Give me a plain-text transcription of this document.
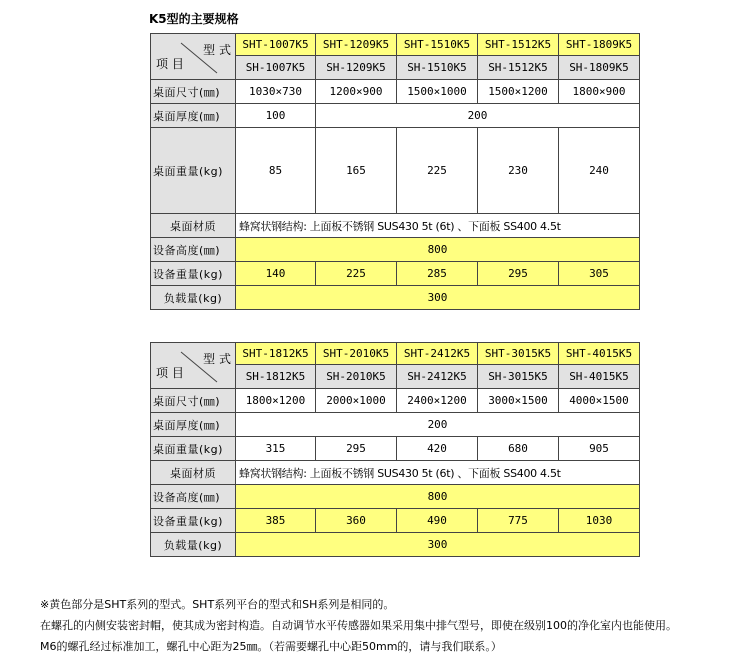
K5型的主要规格
型 式
项 目	SHT-1007K5	SHT-1209K5	SHT-1510K5	SHT-1512K5	SHT-1809K5
	SH-1007K5	SH-1209K5	SH-1510K5	SH-1512K5	SH-1809K5
桌面尺寸(㎜)	1030×730	1200×900	1500×1000	1500×1200	1800×900
桌面厚度(㎜)	100	200			
桌面重量(kg)	85	165	225	230	240
桌面材质	蜂窝状钢结构: 上面板不锈钢 SUS430 5t (6t) 、下面板 SS400 4.5t				
设备高度(㎜)	800				
设备重量(kg)	140	225	285	295	305
负载量(kg)	300				
型 式
项 目	SHT-1812K5	SHT-2010K5	SHT-2412K5	SHT-3015K5	SHT-4015K5
	SH-1812K5	SH-2010K5	SH-2412K5	SH-3015K5	SH-4015K5
桌面尺寸(㎜)	1800×1200	2000×1000	2400×1200	3000×1500	4000×1500
桌面厚度(㎜)	200				
桌面重量(kg)	315	295	420	680	905
桌面材质	蜂窝状钢结构: 上面板不锈钢 SUS430 5t (6t) 、下面板 SS400 4.5t				
设备高度(㎜)	800				
设备重量(kg)	385	360	490	775	1030
负载量(kg)	300				
※黄色部分是SHT系列的型式。SHT系列平台的型式和SH系列是相同的。
在螺孔的内侧安装密封帽，使其成为密封构造。自动调节水平传感器如果采用集中排气型号，即使在级别100的净化室内也能使用。
M6的螺孔经过标准加工，螺孔中心距为25㎜。（若需要螺孔中心距50mm的，请与我们联系。）
